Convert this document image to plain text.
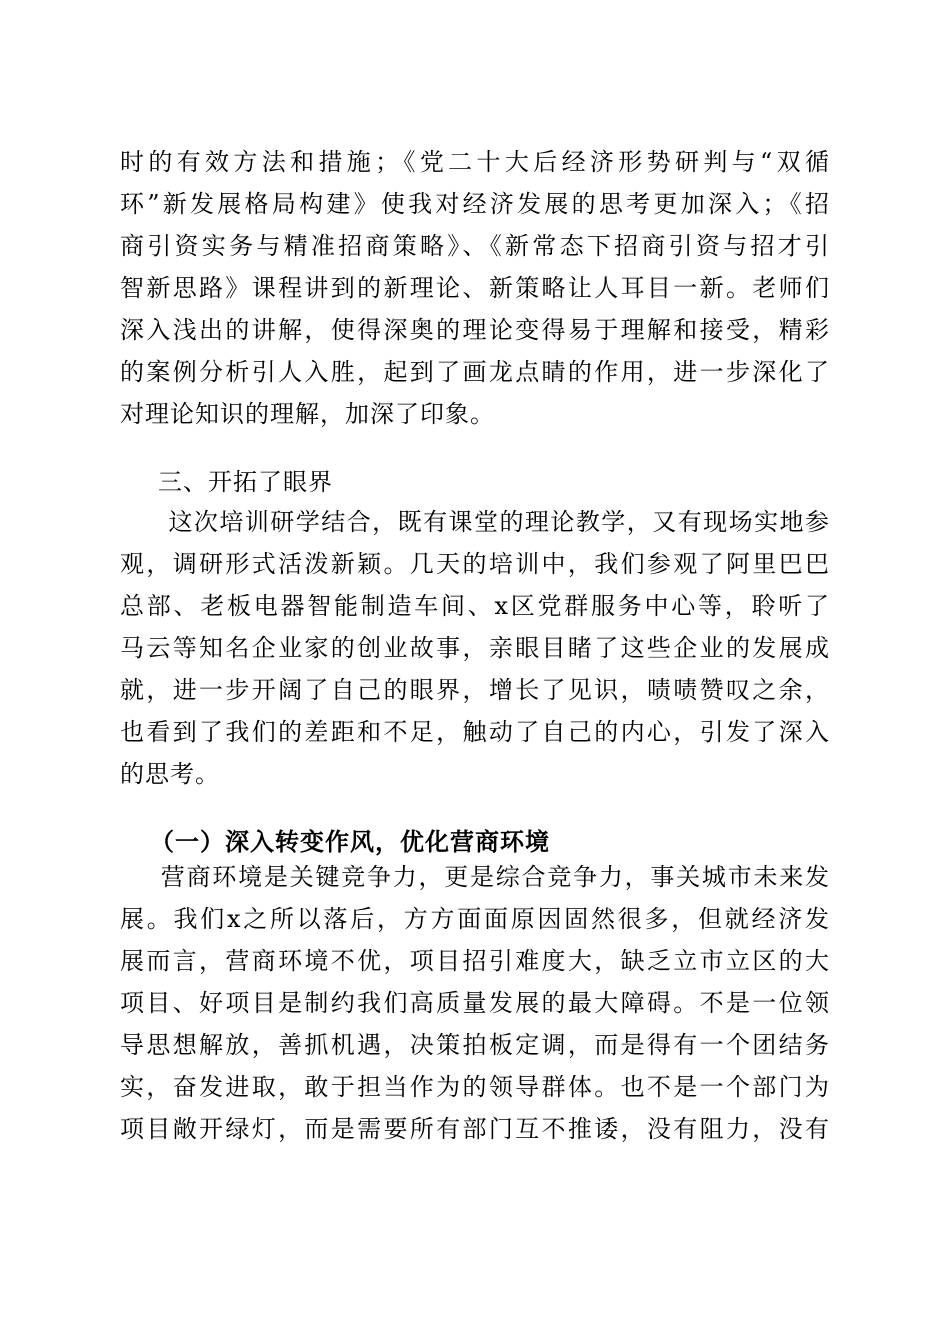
时的有效方法和措施；《党二十大后经济形势研判与“双循
环”新发展格局构建》使我对经济发展的思考更加深入；《招
商引资实务与精准招商策略》、《新常态下招商引资与招才引
智新思路》课程讲到的新理论、新策略让人耳目一新。老师们
深入浅出的讲解，使得深奥的理论变得易于理解和接受，精彩
的案例分析引人入胜，起到了画龙点睛的作用，进一步深化了
对理论知识的理解，加深了印象。
三、开拓了眼界
这次培训研学结合，既有课堂的理论教学，又有现场实地参
观，调研形式活泼新颖。几天的培训中，我们参观了阿里巴巴
总部、老板电器智能制造车间、x区党群服务中心等，聆听了
马云等知名企业家的创业故事，亲眼目睹了这些企业的发展成
就，进一步开阔了自己的眼界，增长了见识，啧啧赞叹之余，
也看到了我们的差距和不足，触动了自己的内心，引发了深入
的思考。
（一）深入转变作风，优化营商环境
营商环境是关键竞争力，更是综合竞争力，事关城市未来发
展。我们x之所以落后，方方面面原因固然很多，但就经济发
展而言，营商环境不优，项目招引难度大，缺乏立市立区的大
项目、好项目是制约我们高质量发展的最大障碍。不是一位领
导思想解放，善抓机遇，决策拍板定调，而是得有一个团结务
实，奋发进取，敢于担当作为的领导群体。也不是一个部门为
项目敞开绿灯，而是需要所有部门互不推诿，没有阻力，没有
